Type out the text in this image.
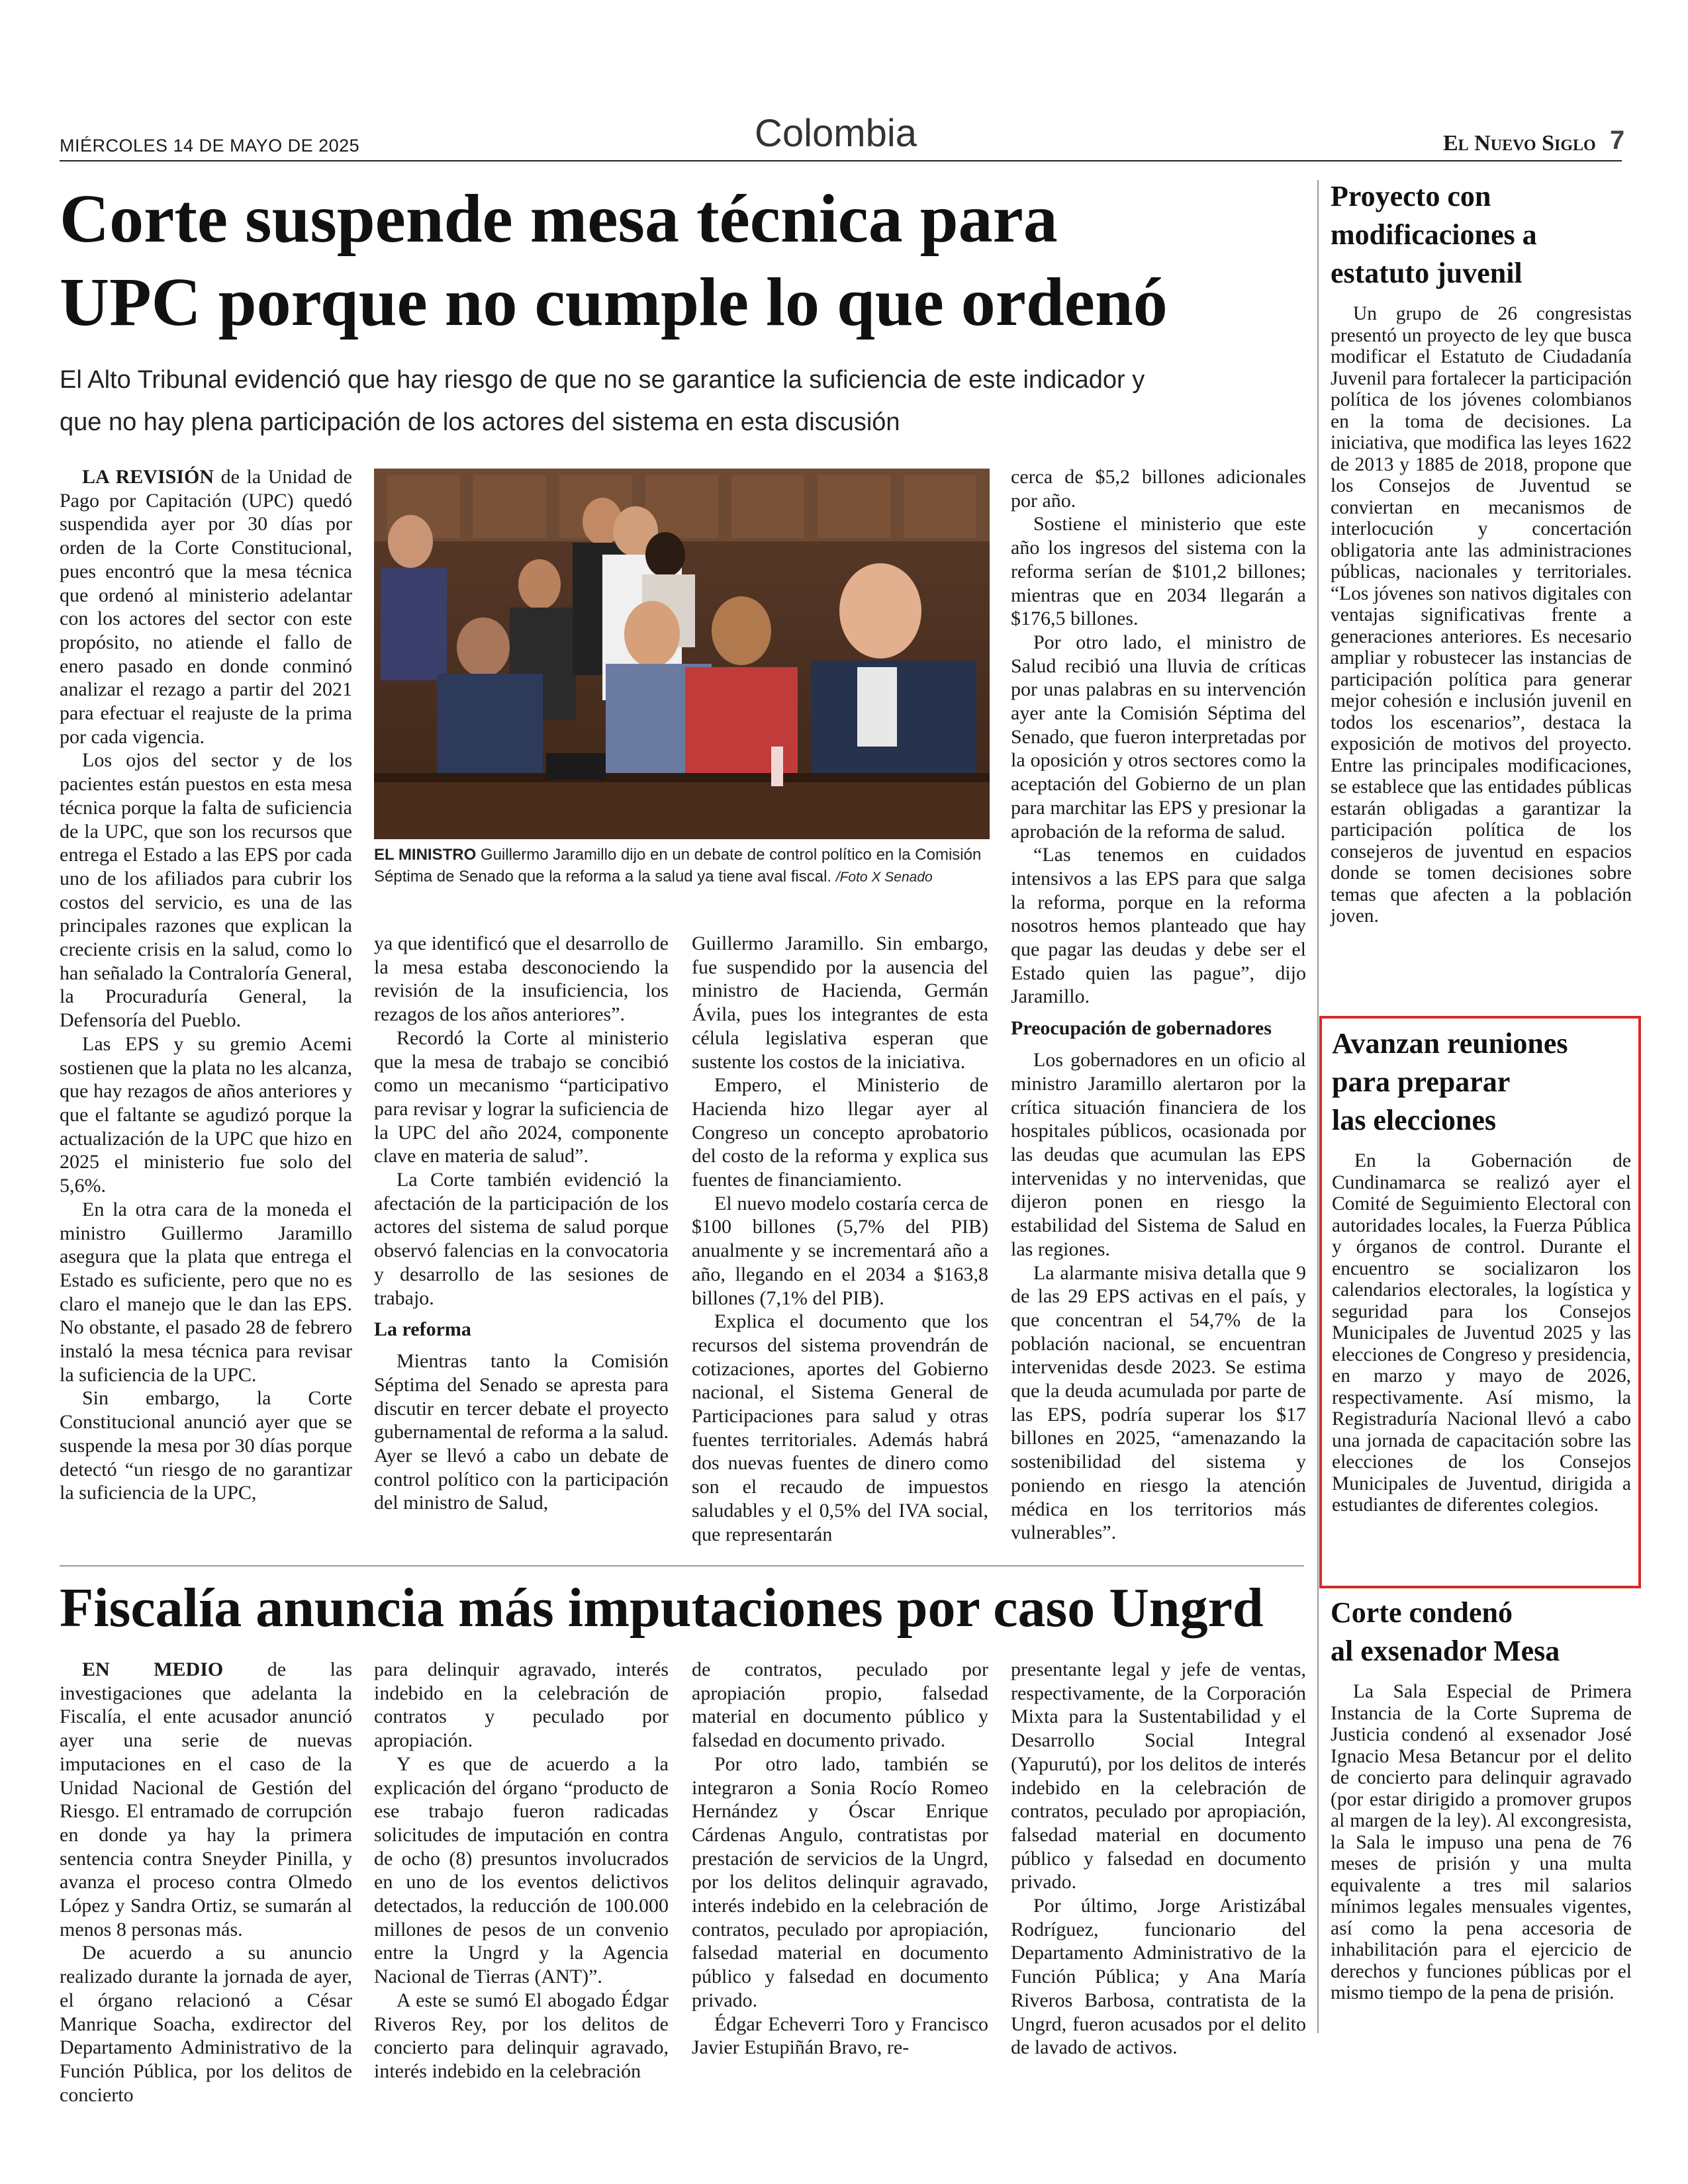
MIÉRCOLES 14 DE MAYO DE 2025	Colombia	El Nuevo Siglo 7
Corte suspende mesa técnica para
UPC porque no cumple lo que ordenó
El Alto Tribunal evidenció que hay riesgo de que no se garantice la suficiencia de este indicador y
que no hay plena participación de los actores del sistema en esta discusión

LA REVISIÓN de la Unidad de Pago por Capitación (UPC) quedó suspendida ayer por 30 días por orden de la Corte Constitucional, pues encontró que la mesa técnica que ordenó al ministerio adelantar con los actores del sector con este propósito, no atiende el fallo de enero pasado en donde conminó analizar el rezago a partir del 2021 para efectuar el reajuste de la prima por cada vigencia.

Los ojos del sector y de los pacientes están puestos en esta mesa técnica porque la falta de suficiencia de la UPC, que son los recursos que entrega el Estado a las EPS por cada uno de los afiliados para cubrir los costos del servicio, es una de las principales razones que explican la creciente crisis en la salud, como lo han señalado la Contraloría General, la Procuraduría General, la Defensoría del Pueblo.

Las EPS y su gremio Acemi sostienen que la plata no les alcanza, que hay rezagos de años anteriores y que el faltante se agudizó porque la actualización de la UPC que hizo en 2025 el ministerio fue solo del 5,6%.

En la otra cara de la moneda el ministro Guillermo Jaramillo asegura que la plata que entrega el Estado es suficiente, pero que no es claro el manejo que le dan las EPS. No obstante, el pasado 28 de febrero instaló la mesa técnica para revisar la suficiencia de la UPC.

Sin embargo, la Corte Constitucional anunció ayer que se suspende la mesa por 30 días porque detectó “un riesgo de no garantizar la suficiencia de la UPC,

EL MINISTRO Guillermo Jaramillo dijo en un debate de control político en la Comisión Séptima de Senado que la reforma a la salud ya tiene aval fiscal. /Foto X Senado

ya que identificó que el desarrollo de la mesa estaba desconociendo la revisión de la insuficiencia, los rezagos de los años anteriores”.

Recordó la Corte al ministerio que la mesa de trabajo se concibió como un mecanismo “participativo para revisar y lograr la suficiencia de la UPC del año 2024, componente clave en materia de salud”.

La Corte también evidenció la afectación de la participación de los actores del sistema de salud porque observó falencias en la convocatoria y desarrollo de las sesiones de trabajo.

La reforma

Mientras tanto la Comisión Séptima del Senado se apresta para discutir en tercer debate el proyecto gubernamental de reforma a la salud. Ayer se llevó a cabo un debate de control político con la participación del ministro de Salud,

Guillermo Jaramillo. Sin embargo, fue suspendido por la ausencia del ministro de Hacienda, Germán Ávila, pues los integrantes de esta célula legislativa esperan que sustente los costos de la iniciativa.

Empero, el Ministerio de Hacienda hizo llegar ayer al Congreso un concepto aprobatorio del costo de la reforma y explica sus fuentes de financiamiento.

El nuevo modelo costaría cerca de $100 billones (5,7% del PIB) anualmente y se incrementará año a año, llegando en el 2034 a $163,8 billones (7,1% del PIB).

Explica el documento que los recursos del sistema provendrán de cotizaciones, aportes del Gobierno nacional, el Sistema General de Participaciones para salud y otras fuentes territoriales. Además habrá dos nuevas fuentes de dinero como son el recaudo de impuestos saludables y el 0,5% del IVA social, que representarán

cerca de $5,2 billones adicionales por año.

Sostiene el ministerio que este año los ingresos del sistema con la reforma serían de $101,2 billones; mientras que en 2034 llegarán a $176,5 billones.

Por otro lado, el ministro de Salud recibió una lluvia de críticas por unas palabras en su intervención ayer ante la Comisión Séptima del Senado, que fueron interpretadas por la oposición y otros sectores como la aceptación del Gobierno de un plan para marchitar las EPS y presionar la aprobación de la reforma de salud.

“Las tenemos en cuidados intensivos a las EPS para que salga la reforma, porque en la reforma nosotros hemos planteado que hay que pagar las deudas y debe ser el Estado quien las pague”, dijo Jaramillo.

Preocupación de gobernadores

Los gobernadores en un oficio al ministro Jaramillo alertaron por la crítica situación financiera de los hospitales públicos, ocasionada por las deudas que acumulan las EPS intervenidas y no intervenidas, que dijeron ponen en riesgo la estabilidad del Sistema de Salud en las regiones.

La alarmante misiva detalla que 9 de las 29 EPS activas en el país, y que concentran el 54,7% de la población nacional, se encuentran intervenidas desde 2023. Se estima que la deuda acumulada por parte de las EPS, podría superar los $17 billones en 2025, “amenazando la sostenibilidad del sistema y poniendo en riesgo la atención médica en los territorios más vulnerables”.

Fiscalía anuncia más imputaciones por caso Ungrd

EN MEDIO de las investigaciones que adelanta la Fiscalía, el ente acusador anunció ayer una serie de nuevas imputaciones en el caso de la Unidad Nacional de Gestión del Riesgo. El entramado de corrupción en donde ya hay la primera sentencia contra Sneyder Pinilla, y avanza el proceso contra Olmedo López y Sandra Ortiz, se sumarán al menos 8 personas más.

De acuerdo a su anuncio realizado durante la jornada de ayer, el órgano relacionó a César Manrique Soacha, exdirector del Departamento Administrativo de la Función Pública, por los delitos de concierto

para delinquir agravado, interés indebido en la celebración de contratos y peculado por apropiación.

Y es que de acuerdo a la explicación del órgano “producto de ese trabajo fueron radicadas solicitudes de imputación en contra de ocho (8) presuntos involucrados en uno de los eventos delictivos detectados, la reducción de 100.000 millones de pesos de un convenio entre la Ungrd y la Agencia Nacional de Tierras (ANT)”.

A este se sumó El abogado Édgar Riveros Rey, por los delitos de concierto para delinquir agravado, interés indebido en la celebración

de contratos, peculado por apropiación propio, falsedad material en documento público y falsedad en documento privado.

Por otro lado, también se integraron a Sonia Rocío Romeo Hernández y Óscar Enrique Cárdenas Angulo, contratistas por prestación de servicios de la Ungrd, por los delitos delinquir agravado, interés indebido en la celebración de contratos, peculado por apropiación, falsedad material en documento público y falsedad en documento privado.

Édgar Echeverri Toro y Francisco Javier Estupiñán Bravo, re-

presentante legal y jefe de ventas, respectivamente, de la Corporación Mixta para la Sustentabilidad y el Desarrollo Social Integral (Yapurutú), por los delitos de interés indebido en la celebración de contratos, peculado por apropiación, falsedad material en documento público y falsedad en documento privado.

Por último, Jorge Aristizábal Rodríguez, funcionario del Departamento Administrativo de la Función Pública; y Ana María Riveros Barbosa, contratista de la Ungrd, fueron acusados por el delito de lavado de activos.

Proyecto con
modificaciones a
estatuto juvenil

Un grupo de 26 congresistas presentó un proyecto de ley que busca modificar el Estatuto de Ciudadanía Juvenil para fortalecer la participación política de los jóvenes colombianos en la toma de decisiones. La iniciativa, que modifica las leyes 1622 de 2013 y 1885 de 2018, propone que los Consejos de Juventud se conviertan en mecanismos de interlocución y concertación obligatoria ante las administraciones públicas, nacionales y territoriales. “Los jóvenes son nativos digitales con ventajas significativas frente a generaciones anteriores. Es necesario ampliar y robustecer las instancias de participación política para generar mejor cohesión e inclusión juvenil en todos los escenarios”, destaca la exposición de motivos del proyecto. Entre las principales modificaciones, se establece que las entidades públicas estarán obligadas a garantizar la participación política de los consejeros de juventud en espacios donde se tomen decisiones sobre temas que afecten a la población joven.

Avanzan reuniones
para preparar
las elecciones

En la Gobernación de Cundinamarca se realizó ayer el Comité de Seguimiento Electoral con autoridades locales, la Fuerza Pública y órganos de control. Durante el encuentro se socializaron los calendarios electorales, la logística y seguridad para los Consejos Municipales de Juventud 2025 y las elecciones de Congreso y presidencia, en marzo y mayo de 2026, respectivamente. Así mismo, la Registraduría Nacional llevó a cabo una jornada de capacitación sobre las elecciones de los Consejos Municipales de Juventud, dirigida a estudiantes de diferentes colegios.

Corte condenó
al exsenador Mesa

La Sala Especial de Primera Instancia de la Corte Suprema de Justicia condenó al exsenador José Ignacio Mesa Betancur por el delito de concierto para delinquir agravado (por estar dirigido a promover grupos al margen de la ley). Al excongresista, la Sala le impuso una pena de 76 meses de prisión y una multa equivalente a tres mil salarios mínimos legales mensuales vigentes, así como la pena accesoria de inhabilitación para el ejercicio de derechos y funciones públicas por el mismo tiempo de la pena de prisión.
